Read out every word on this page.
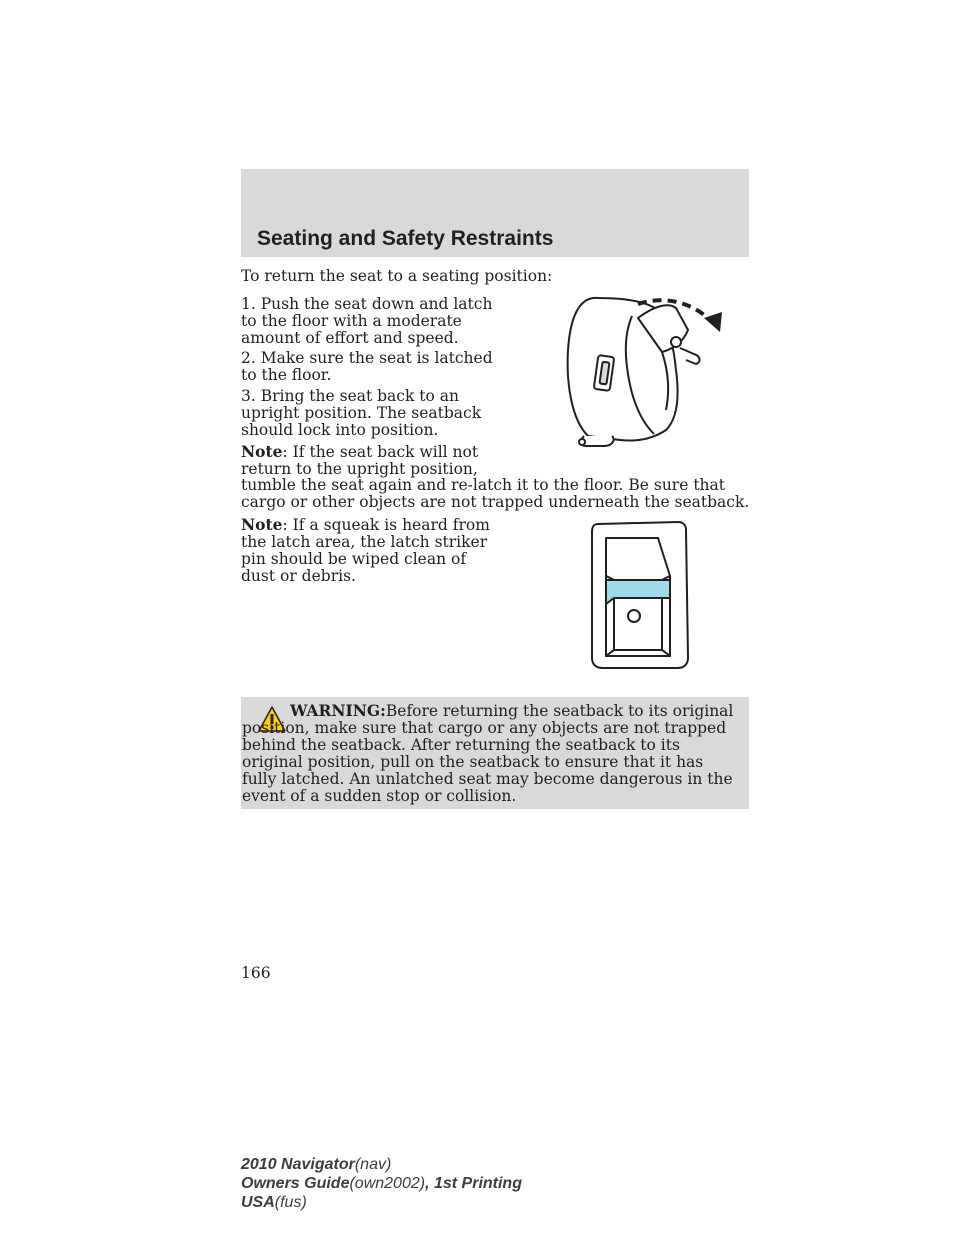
Seating and Safety Restraints

To return the seat to a seating position:

1. Push the seat down and latch to the floor with a moderate amount of effort and speed.

2. Make sure the seat is latched to the floor.

3. Bring the seat back to an upright position. The seatback should lock into position.

Note: If the seat back will not return to the upright position,

tumble the seat again and re-latch it to the floor. Be sure that cargo or other objects are not trapped underneath the seatback.

Note: If a squeak is heard from the latch area, the latch striker pin should be wiped clean of dust or debris.

WARNING:Before returning the seatback to its original
position, make sure that cargo or any objects are not trapped behind the seatback. After returning the seatback to its original position, pull on the seatback to ensure that it has fully latched. An unlatched seat may become dangerous in the event of a sudden stop or collision.

166

2010 Navigator(nav)
Owners Guide(own2002), 1st Printing
USA(fus)
